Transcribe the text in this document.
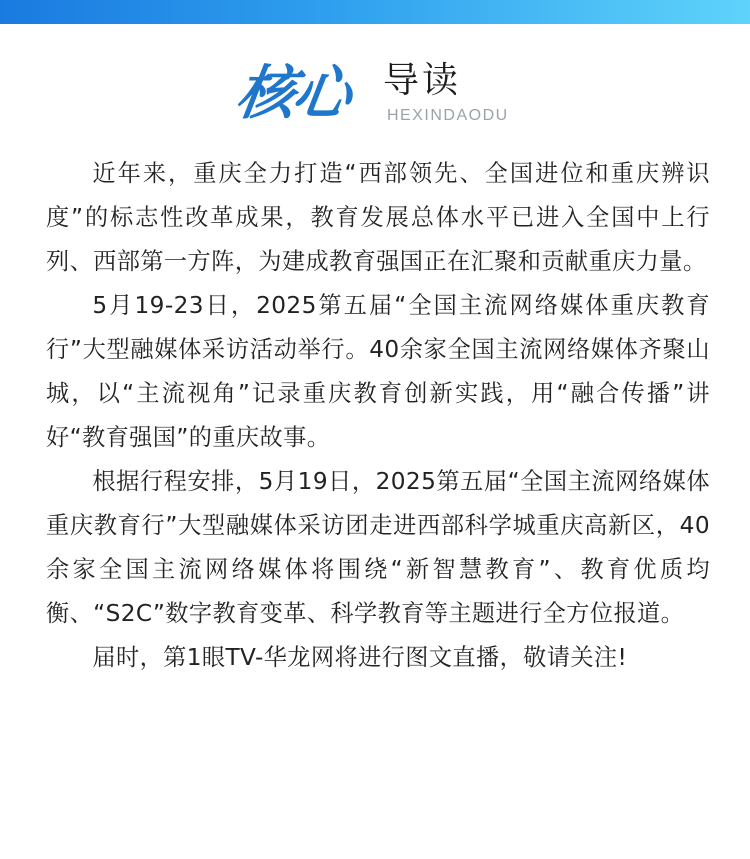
核心 导读
HEXINDAODU

近年来，重庆全力打造“西部领先、全国进位和重庆辨识度”的标志性改革成果，教育发展总体水平已进入全国中上行列、西部第一方阵，为建成教育强国正在汇聚和贡献重庆力量。

5月19-23日，2025第五届“全国主流网络媒体重庆教育行”大型融媒体采访活动举行。40余家全国主流网络媒体齐聚山城，以“主流视角”记录重庆教育创新实践，用“融合传播”讲好“教育强国”的重庆故事。

根据行程安排，5月19日，2025第五届“全国主流网络媒体重庆教育行”大型融媒体采访团走进西部科学城重庆高新区，40余家全国主流网络媒体将围绕“新智慧教育”、教育优质均衡、“S2C”数字教育变革、科学教育等主题进行全方位报道。

届时，第1眼TV-华龙网将进行图文直播，敬请关注!
